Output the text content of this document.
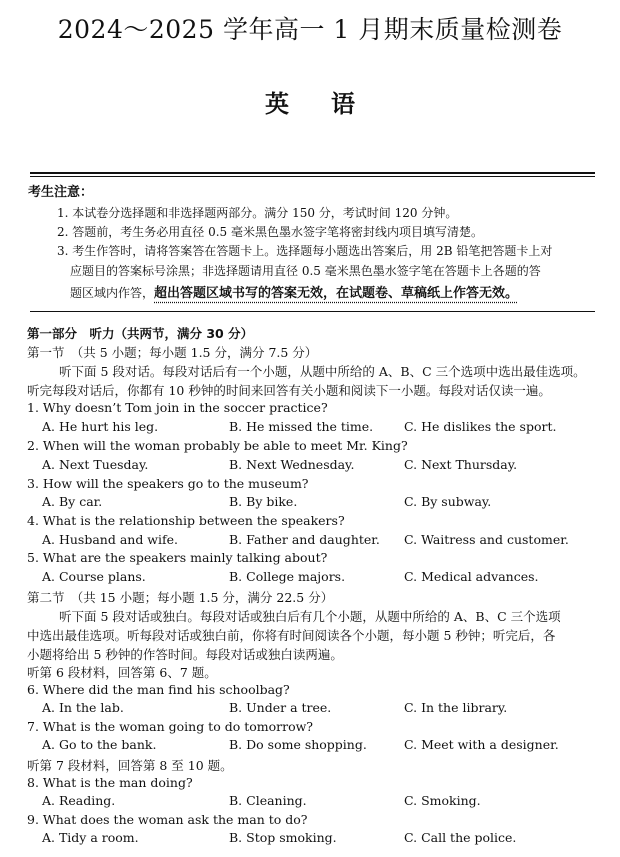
2024～2025 学年高一 1 月期末质量检测卷
英语
考生注意：
1. 本试卷分选择题和非选择题两部分。满分 150 分，考试时间 120 分钟。
2. 答题前，考生务必用直径 0.5 毫米黑色墨水签字笔将密封线内项目填写清楚。
3. 考生作答时，请将答案答在答题卡上。选择题每小题选出答案后，用 2B 铅笔把答题卡上对
应题目的答案标号涂黑；非选择题请用直径 0.5 毫米黑色墨水签字笔在答题卡上各题的答
题区域内作答，超出答题区域书写的答案无效，在试题卷、草稿纸上作答无效。
第一部分　听力（共两节，满分 30 分）
第一节　（共 5 小题；每小题 1.5 分，满分 7.5 分）
听下面 5 段对话。每段对话后有一个小题，从题中所给的 A、B、C 三个选项中选出最佳选项。
听完每段对话后，你都有 10 秒钟的时间来回答有关小题和阅读下一小题。每段对话仅读一遍。
1. Why doesn’t Tom join in the soccer practice?
A. He hurt his leg.	B. He missed the time. C. He dislikes the sport.
2. When will the woman probably be able to meet Mr. King?
A. Next Tuesday.	B. Next Wednesday.	C. Next Thursday.
3. How will the speakers go to the museum?
A. By car.	B. By bike.	C. By subway.
4. What is the relationship between the speakers?
A. Husband and wife.	B. Father and daughter. C. Waitress and customer.
5. What are the speakers mainly talking about?
A. Course plans.	B. College majors.	C. Medical advances.
第二节　（共 15 小题；每小题 1.5 分，满分 22.5 分）
听下面 5 段对话或独白。每段对话或独白后有几个小题，从题中所给的 A、B、C 三个选项
中选出最佳选项。听每段对话或独白前，你将有时间阅读各个小题，每小题 5 秒钟；听完后，各
小题将给出 5 秒钟的作答时间。每段对话或独白读两遍。
听第 6 段材料，回答第 6、7 题。
6. Where did the man find his schoolbag?
A. In the lab.	B. Under a tree.	C. In the library.
7. What is the woman going to do tomorrow?
A. Go to the bank.	B. Do some shopping.	C. Meet with a designer.
听第 7 段材料，回答第 8 至 10 题。
8. What is the man doing?
A. Reading.	B. Cleaning.	C. Smoking.
9. What does the woman ask the man to do?
A. Tidy a room.	B. Stop smoking.	C. Call the police.
